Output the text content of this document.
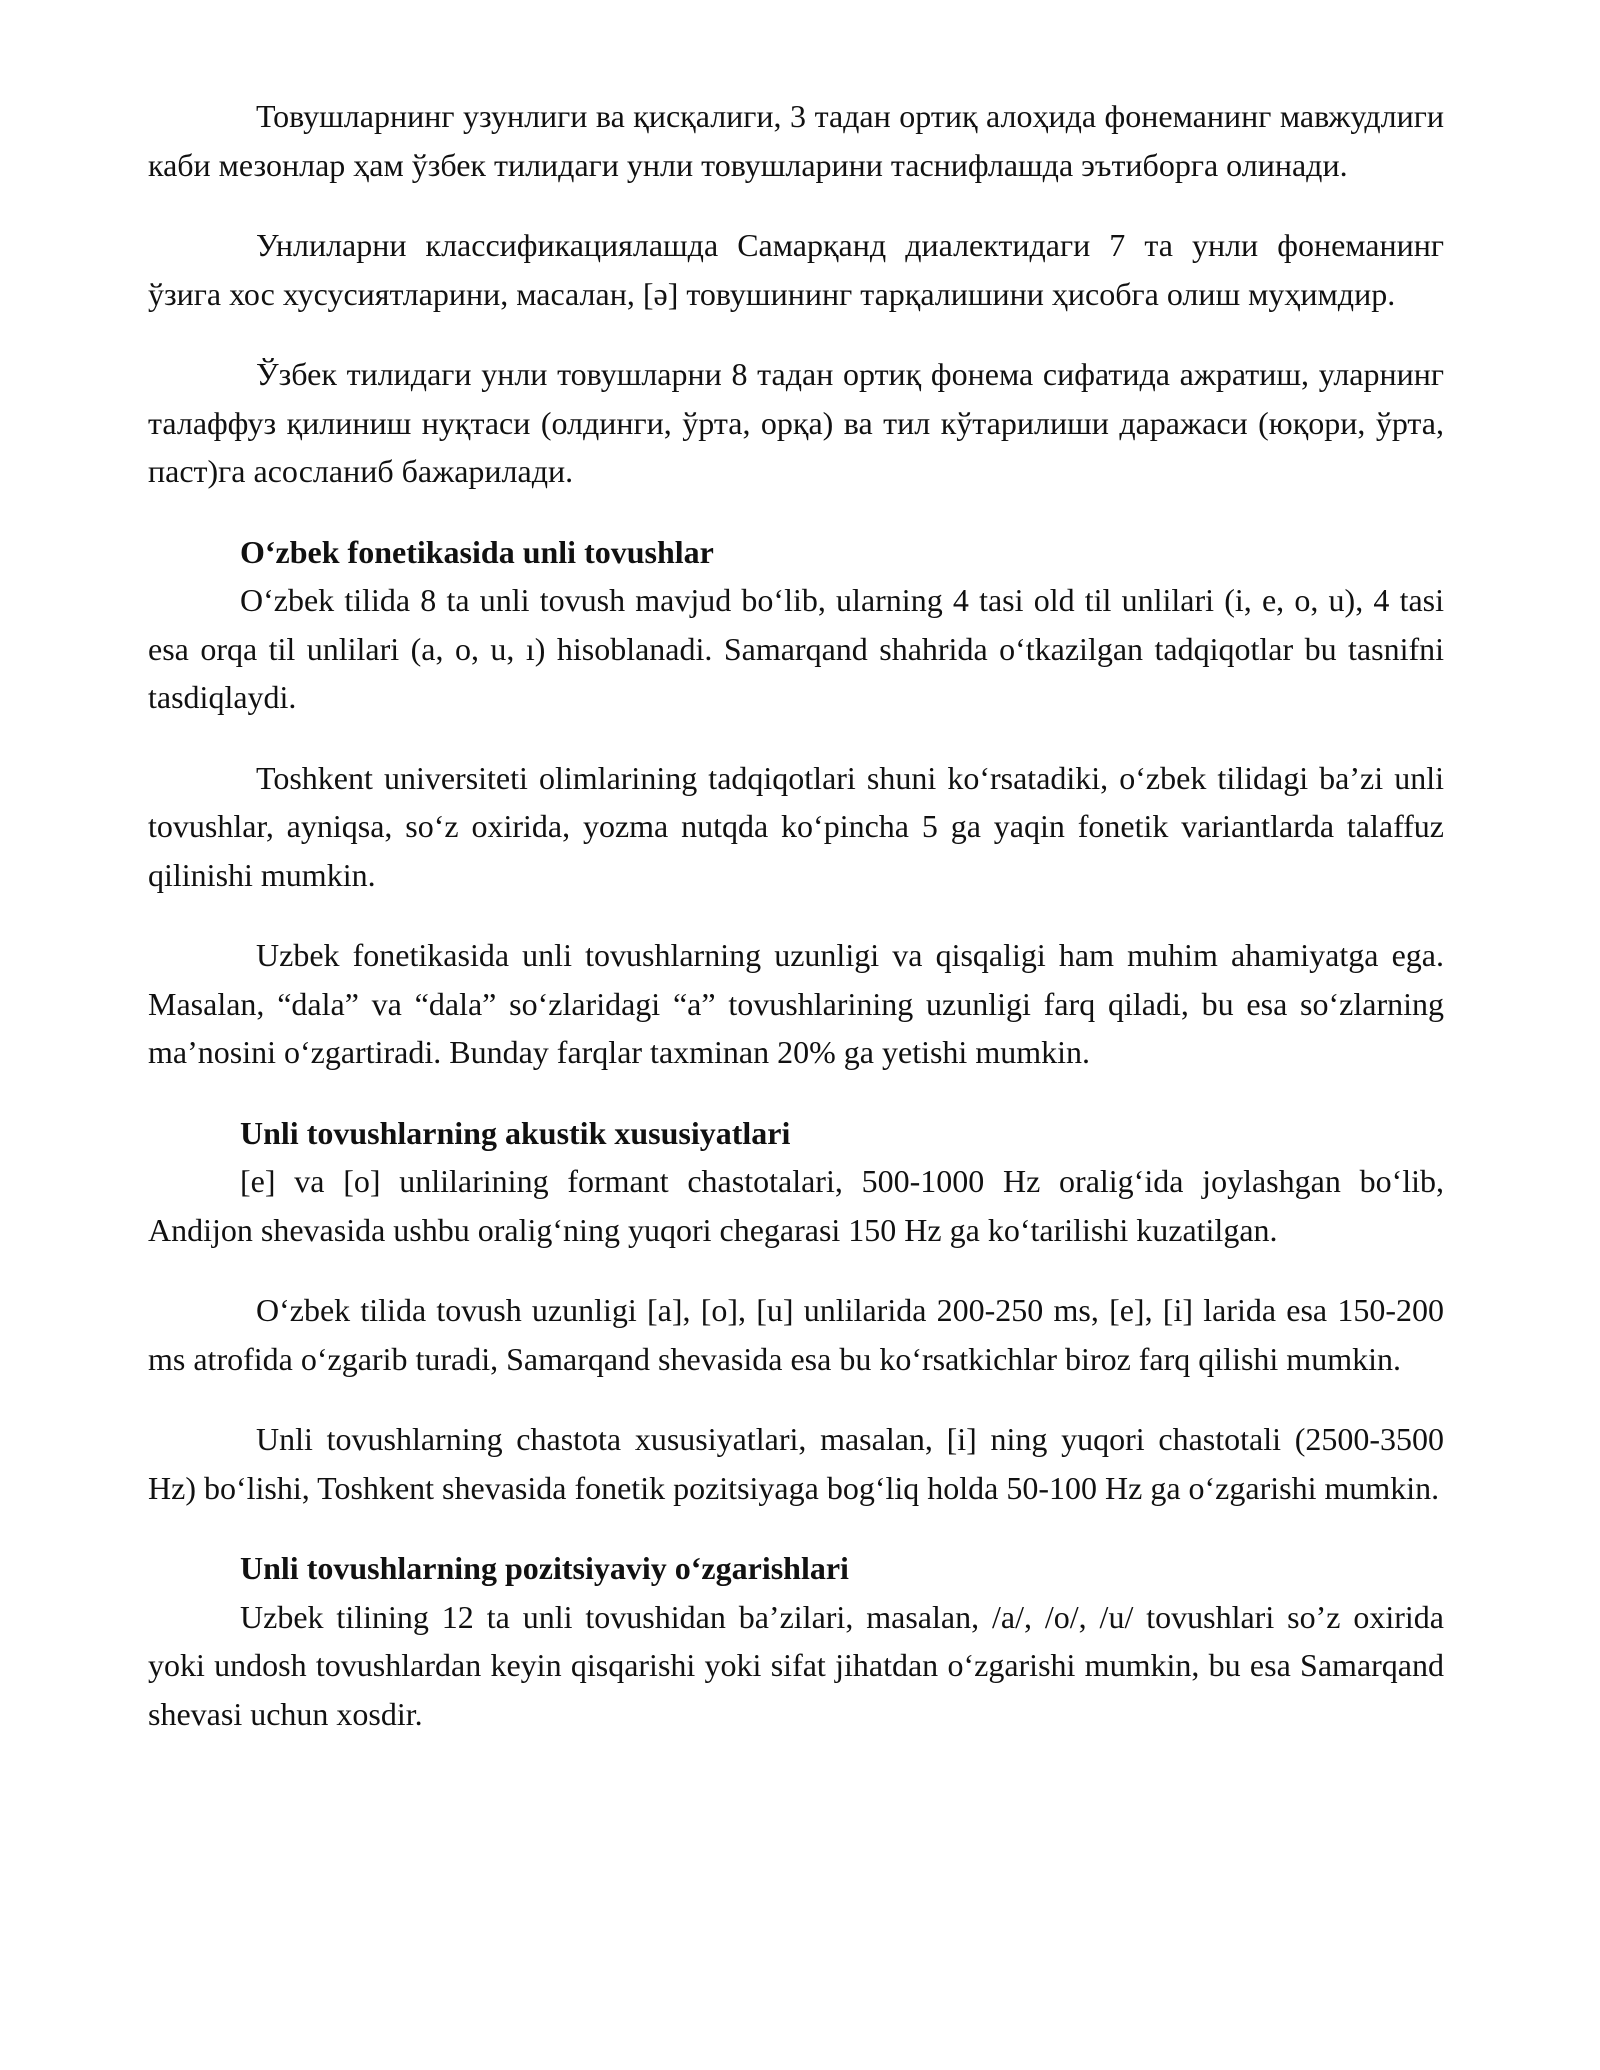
Товушларнинг узунлиги ва қисқалиги, 3 тадан ортиқ алоҳида фонеманинг мавжудлиги каби мезонлар ҳам ўзбек тилидаги унли товушларини таснифлашда эътиборга олинади.

Унлиларни классификациялашда Самарқанд диалектидаги 7 та унли фонеманинг ўзига хос хусусиятларини, масалан, [ә] товушининг тарқалишини ҳисобга олиш муҳимдир.

Ўзбек тилидаги унли товушларни 8 тадан ортиқ фонема сифатида ажратиш, уларнинг талаффуз қилиниш нуқтаси (олдинги, ўрта, орқа) ва тил кўтарилиши даражаси (юқори, ўрта, паст)га асосланиб бажарилади.

O‘zbek fonetikasida unli tovushlar

O‘zbek tilida 8 ta unli tovush mavjud bo‘lib, ularning 4 tasi old til unlilari (i, e, o, u), 4 tasi esa orqa til unlilari (a, o, u, ı) hisoblanadi. Samarqand shahrida o‘tkazilgan tadqiqotlar bu tasnifni tasdiqlaydi.

Toshkent universiteti olimlarining tadqiqotlari shuni ko‘rsatadiki, o‘zbek tilidagi ba’zi unli tovushlar, ayniqsa, so‘z oxirida, yozma nutqda ko‘pincha 5 ga yaqin fonetik variantlarda talaffuz qilinishi mumkin.

Uzbek fonetikasida unli tovushlarning uzunligi va qisqaligi ham muhim ahamiyatga ega. Masalan, “dala” va “dala” so‘zlaridagi “a” tovushlarining uzunligi farq qiladi, bu esa so‘zlarning ma’nosini o‘zgartiradi. Bunday farqlar taxminan 20% ga yetishi mumkin.

Unli tovushlarning akustik xususiyatlari

[e] va [o] unlilarining formant chastotalari, 500-1000 Hz oralig‘ida joylashgan bo‘lib, Andijon shevasida ushbu oralig‘ning yuqori chegarasi 150 Hz ga ko‘tarilishi kuzatilgan.

O‘zbek tilida tovush uzunligi [a], [o], [u] unlilarida 200-250 ms, [e], [i] larida esa 150-200 ms atrofida o‘zgarib turadi, Samarqand shevasida esa bu ko‘rsatkichlar biroz farq qilishi mumkin.

Unli tovushlarning chastota xususiyatlari, masalan, [i] ning yuqori chastotali (2500-3500 Hz) bo‘lishi, Toshkent shevasida fonetik pozitsiyaga bog‘liq holda 50-100 Hz ga o‘zgarishi mumkin.

Unli tovushlarning pozitsiyaviy o‘zgarishlari

Uzbek tilining 12 ta unli tovushidan ba’zilari, masalan, /a/, /o/, /u/ tovushlari so’z oxirida yoki undosh tovushlardan keyin qisqarishi yoki sifat jihatdan o‘zgarishi mumkin, bu esa Samarqand shevasi uchun xosdir.
